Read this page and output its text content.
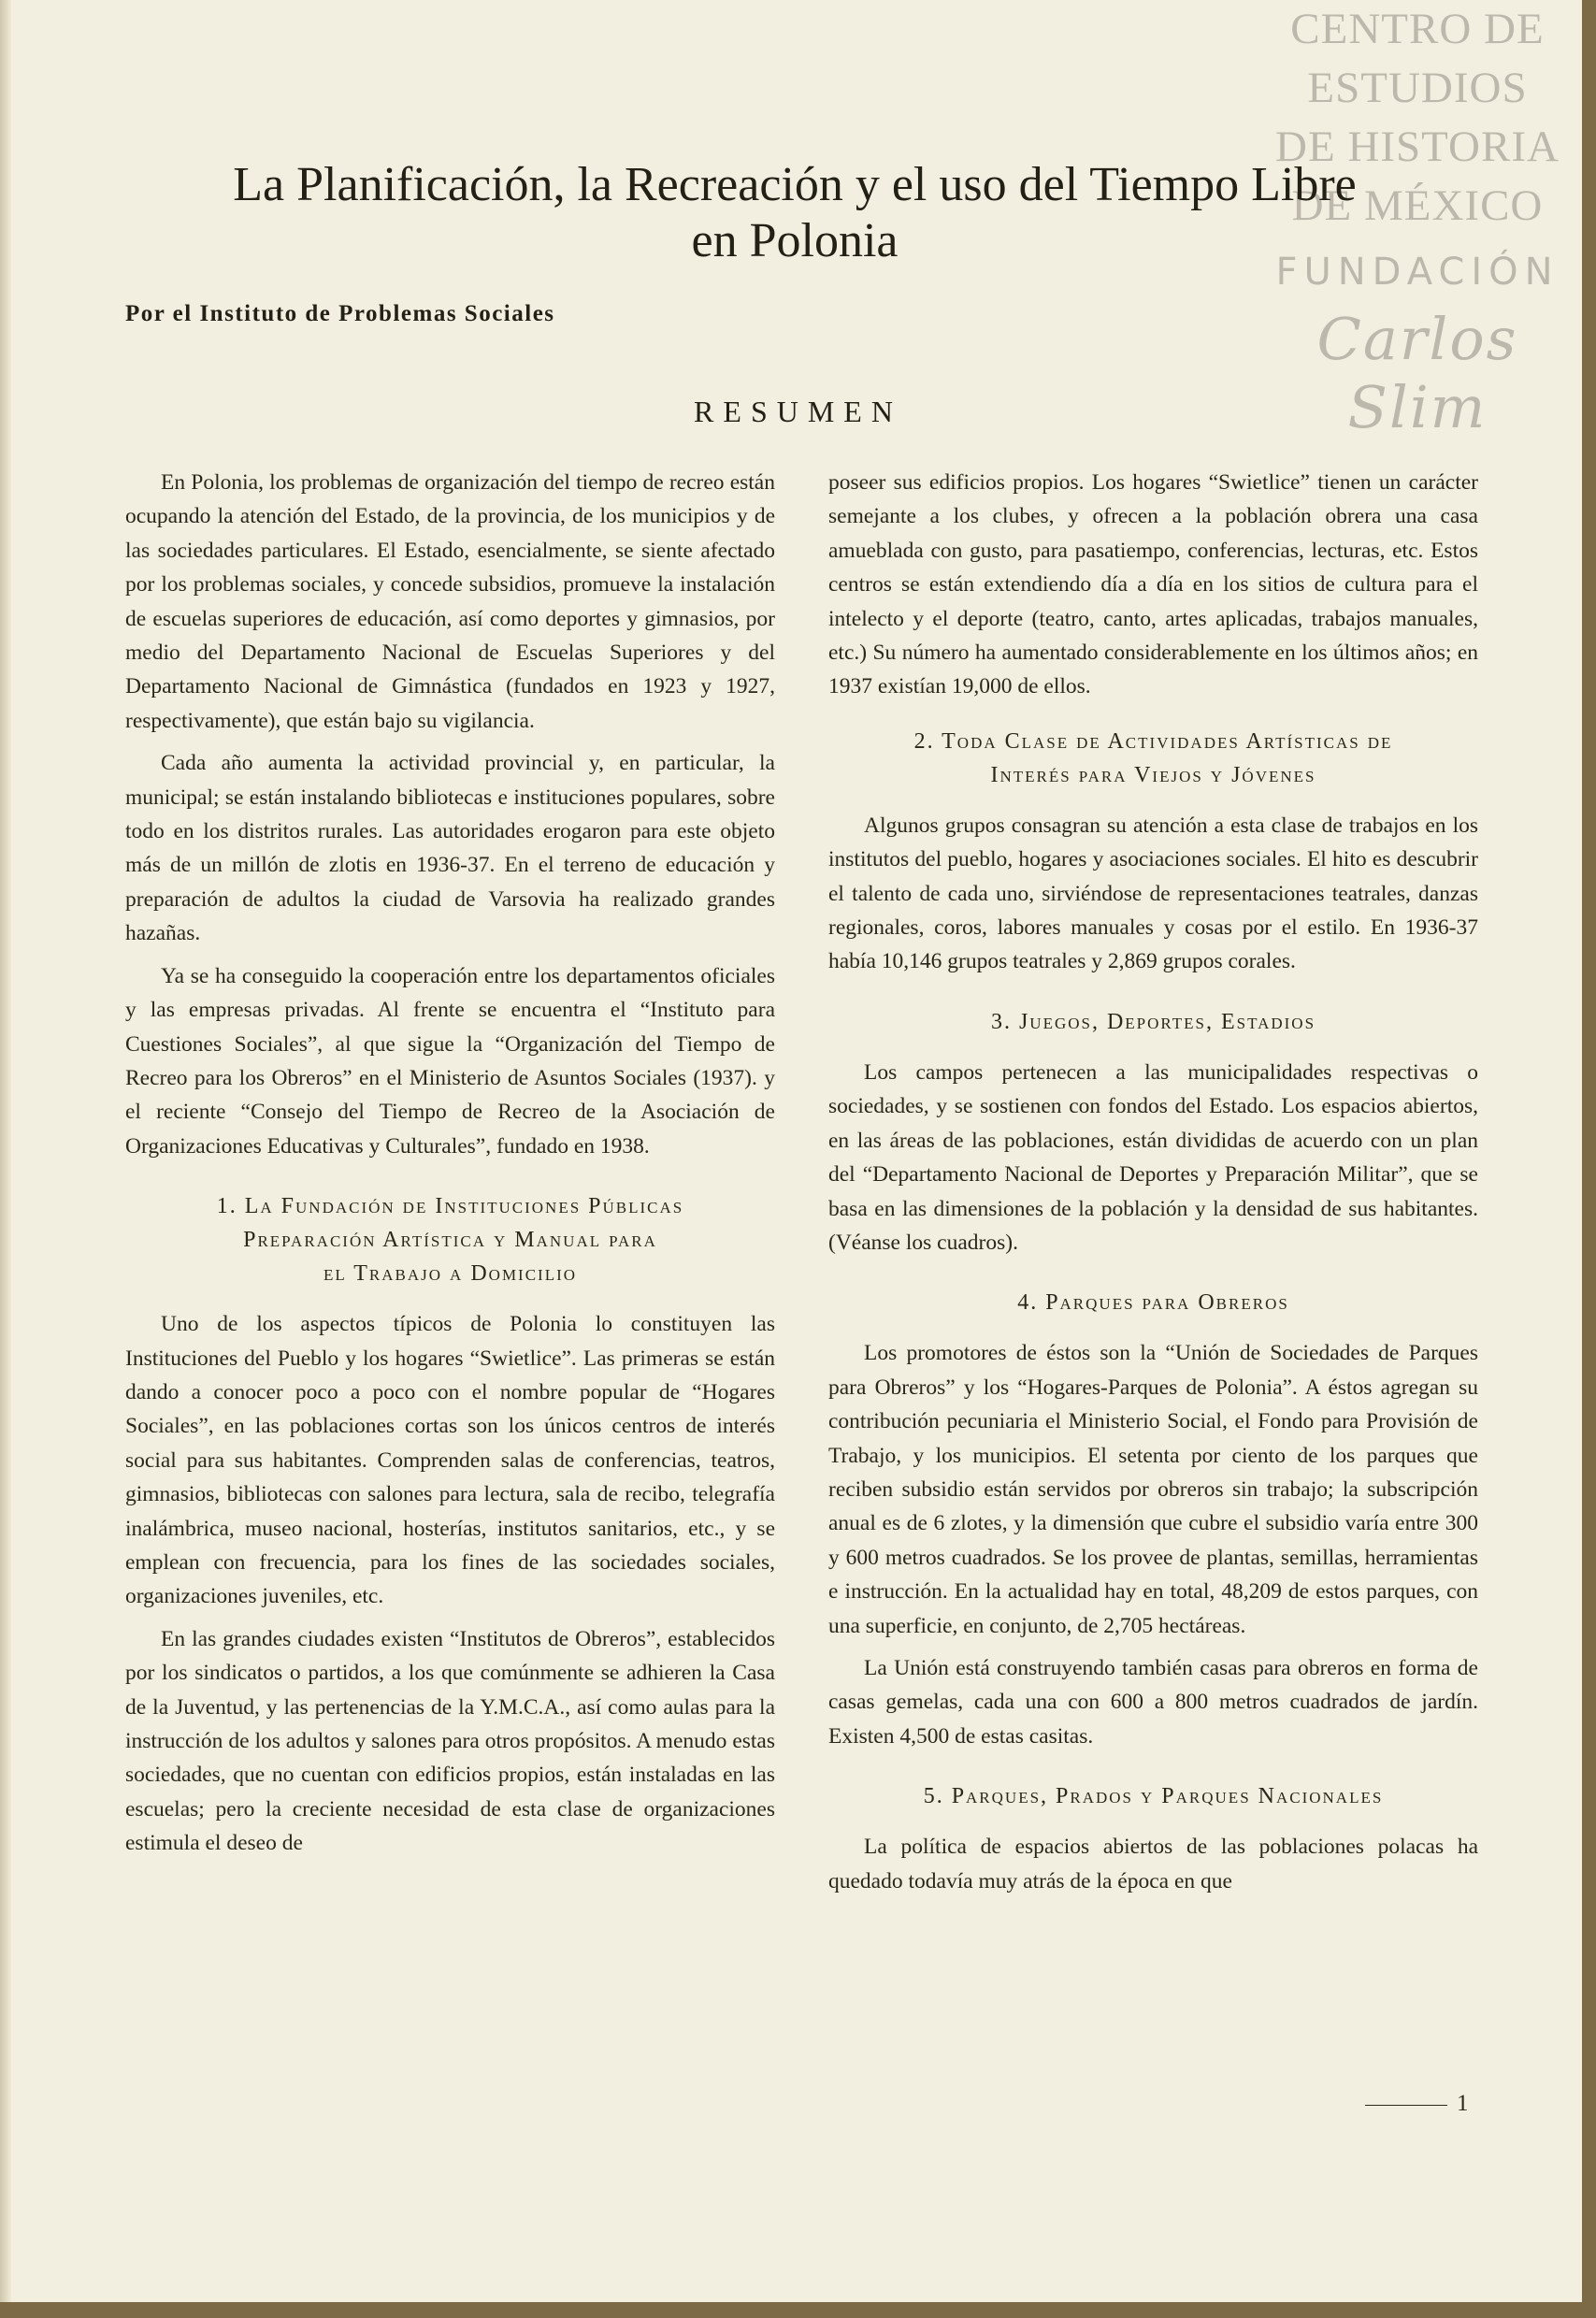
CENTRO DE
ESTUDIOS
DE HISTORIA
DE MÉXICO
FUNDACIÓN
Carlos Slim
La Planificación, la Recreación y el uso del Tiempo Libre
en Polonia
Por el Instituto de Problemas Sociales
RESUMEN

En Polonia, los problemas de organización del tiempo de recreo están ocupando la atención del Estado, de la provincia, de los municipios y de las sociedades particulares. El Estado, esencialmente, se siente afectado por los problemas sociales, y concede subsidios, promueve la instalación de escuelas superiores de educación, así como deportes y gimnasios, por medio del Departamento Nacional de Escuelas Superiores y del Departamento Nacional de Gimnástica (fundados en 1923 y 1927, respectivamente), que están bajo su vigilancia.

Cada año aumenta la actividad provincial y, en particular, la municipal; se están instalando bibliotecas e instituciones populares, sobre todo en los distritos rurales. Las autoridades erogaron para este objeto más de un millón de zlotis en 1936-37. En el terreno de educación y preparación de adultos la ciudad de Varsovia ha realizado grandes hazañas.

Ya se ha conseguido la cooperación entre los departamentos oficiales y las empresas privadas. Al frente se encuentra el “Instituto para Cuestiones Sociales”, al que sigue la “Organización del Tiempo de Recreo para los Obreros” en el Ministerio de Asuntos Sociales (1937). y el reciente “Consejo del Tiempo de Recreo de la Asociación de Organizaciones Educativas y Culturales”, fundado en 1938.

1. La Fundación de Instituciones Públicas
Preparación Artística y Manual para
el Trabajo a Domicilio

Uno de los aspectos típicos de Polonia lo constituyen las Instituciones del Pueblo y los hogares “Swietlice”. Las primeras se están dando a conocer poco a poco con el nombre popular de “Hogares Sociales”, en las poblaciones cortas son los únicos centros de interés social para sus habitantes. Comprenden salas de conferencias, teatros, gimnasios, bibliotecas con salones para lectura, sala de recibo, telegrafía inalámbrica, museo nacional, hosterías, institutos sanitarios, etc., y se emplean con frecuencia, para los fines de las sociedades sociales, organizaciones juveniles, etc.

En las grandes ciudades existen “Institutos de Obreros”, establecidos por los sindicatos o partidos, a los que comúnmente se adhieren la Casa de la Juventud, y las pertenencias de la Y.M.C.A., así como aulas para la instrucción de los adultos y salones para otros propósitos. A menudo estas sociedades, que no cuentan con edificios propios, están instaladas en las escuelas; pero la creciente necesidad de esta clase de organizaciones estimula el deseo de

poseer sus edificios propios. Los hogares “Swietlice” tienen un carácter semejante a los clubes, y ofrecen a la población obrera una casa amueblada con gusto, para pasatiempo, conferencias, lecturas, etc. Estos centros se están extendiendo día a día en los sitios de cultura para el intelecto y el deporte (teatro, canto, artes aplicadas, trabajos manuales, etc.) Su número ha aumentado considerablemente en los últimos años; en 1937 existían 19,000 de ellos.

2. Toda Clase de Actividades Artísticas de
Interés para Viejos y Jóvenes

Algunos grupos consagran su atención a esta clase de trabajos en los institutos del pueblo, hogares y asociaciones sociales. El hito es descubrir el talento de cada uno, sirviéndose de representaciones teatrales, danzas regionales, coros, labores manuales y cosas por el estilo. En 1936-37 había 10,146 grupos teatrales y 2,869 grupos corales.

3. Juegos, Deportes, Estadios

Los campos pertenecen a las municipalidades respectivas o sociedades, y se sostienen con fondos del Estado. Los espacios abiertos, en las áreas de las poblaciones, están divididas de acuerdo con un plan del “Departamento Nacional de Deportes y Preparación Militar”, que se basa en las dimensiones de la población y la densidad de sus habitantes. (Véanse los cuadros).

4. Parques para Obreros

Los promotores de éstos son la “Unión de Sociedades de Parques para Obreros” y los “Hogares-Parques de Polonia”. A éstos agregan su contribución pecuniaria el Ministerio Social, el Fondo para Provisión de Trabajo, y los municipios. El setenta por ciento de los parques que reciben subsidio están servidos por obreros sin trabajo; la subscripción anual es de 6 zlotes, y la dimensión que cubre el subsidio varía entre 300 y 600 metros cuadrados. Se los provee de plantas, semillas, herramientas e instrucción. En la actualidad hay en total, 48,209 de estos parques, con una superficie, en conjunto, de 2,705 hectáreas.

La Unión está construyendo también casas para obreros en forma de casas gemelas, cada una con 600 a 800 metros cuadrados de jardín. Existen 4,500 de estas casitas.

5. Parques, Prados y Parques Nacionales

La política de espacios abiertos de las poblaciones polacas ha quedado todavía muy atrás de la época en que

1
